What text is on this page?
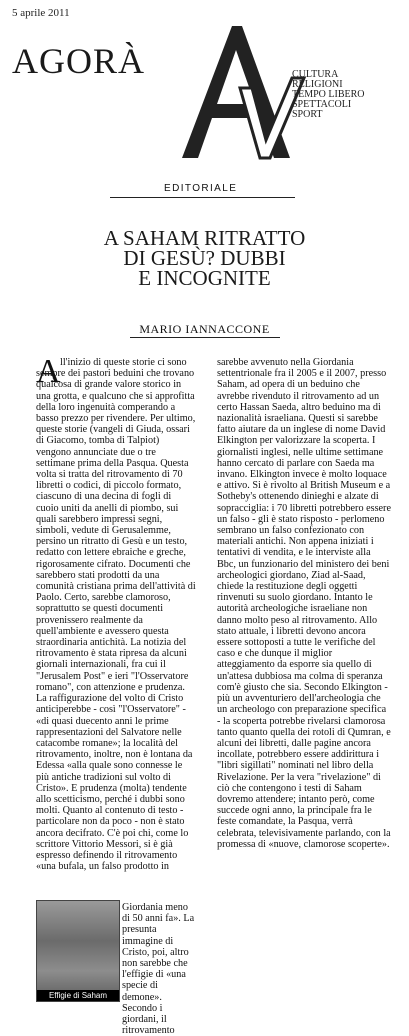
5 aprile 2011
AGORÀ	CULTURA
RELIGIONI
TEMPO LIBERO
SPETTACOLI
SPORT
EDITORIALE
A SAHAM RITRATTO
DI GESÙ? DUBBI
E INCOGNITE
MARIO IANNACCONE
A ll'inizio di queste storie ci sono sempre dei pastori beduini che trovano qualcosa di grande valore storico in una grotta, e qualcuno che si approfitta della loro ingenuità comperando a basso prezzo per rivendere. Per ultimo, queste storie (vangeli di Giuda, ossari di Giacomo, tomba di Talpiot) vengono annunciate due o tre settimane prima della Pasqua. Questa volta si tratta del ritrovamento di 70 libretti o codici, di piccolo formato, ciascuno di una decina di fogli di cuoio uniti da anelli di piombo, sui quali sarebbero impressi segni, simboli, vedute di Gerusalemme, persino un ritratto di Gesù e un testo, redatto con lettere ebraiche e greche, rigorosamente cifrato. Documenti che sarebbero stati prodotti da una comunità cristiana prima dell'attività di Paolo. Certo, sarebbe clamoroso, soprattutto se questi documenti provenissero realmente da quell'ambiente e avessero questa straordinaria antichità. La notizia del ritrovamento è stata ripresa da alcuni giornali internazionali, fra cui il "Jerusalem Post" e ieri "l'Osservatore romano", con attenzione e prudenza. La raffigurazione del volto di Cristo anticiperebbe - così "l'Osservatore" - «di quasi duecento anni le prime rappresentazioni del Salvatore nelle catacombe romane»; la località del ritrovamento, inoltre, non è lontana da Edessa «alla quale sono connesse le più antiche tradizioni sul volto di Cristo». E prudenza (molta) tendente allo scetticismo, perché i dubbi sono molti. Quanto al contenuto di testo - particolare non da poco - non è stato ancora decifrato. C'è poi chi, come lo scrittore Vittorio Messori, si è già espresso definendo il ritrovamento «una bufala, un falso prodotto in

Effigie di Saham

Giordania meno di 50 anni fa». La presunta immagine di Cristo, poi, altro non sarebbe che l'effigie di «una specie di demone». Secondo i giordani, il ritrovamento

sarebbe avvenuto nella Giordania settentrionale fra il 2005 e il 2007, presso Saham, ad opera di un beduino che avrebbe rivenduto il ritrovamento ad un certo Hassan Saeda, altro beduino ma di nazionalità israeliana. Questi si sarebbe fatto aiutare da un inglese di nome David Elkington per valorizzare la scoperta. I giornalisti inglesi, nelle ultime settimane hanno cercato di parlare con Saeda ma invano. Elkington invece è molto loquace e attivo. Si è rivolto al British Museum e a Sotheby's ottenendo dinieghi e alzate di sopracciglia: i 70 libretti potrebbero essere un falso - gli è stato risposto - perlomeno sembrano un falso confezionato con materiali antichi. Non appena iniziati i tentativi di vendita, e le interviste alla Bbc, un funzionario del ministero dei beni archeologici giordano, Ziad al-Saad, chiede la restituzione degli oggetti rinvenuti su suolo giordano. Intanto le autorità archeologiche israeliane non danno molto peso al ritrovamento. Allo stato attuale, i libretti devono ancora essere sottoposti a tutte le verifiche del caso e che dunque il miglior atteggiamento da esporre sia quello di un'attesa dubbiosa ma colma di speranza com'è giusto che sia. Secondo Elkington - più un avventuriero dell'archeologia che un archeologo con preparazione specifica - la scoperta potrebbe rivelarsi clamorosa tanto quanto quella dei rotoli di Qumran, e alcuni dei libretti, dalle pagine ancora incollate, potrebbero essere addirittura i "libri sigillati" nominati nel libro della Rivelazione. Per la vera "rivelazione" di ciò che contengono i testi di Saham dovremo attendere; intanto però, come succede ogni anno, la principale fra le feste comandate, la Pasqua, verrà celebrata, televisivamente parlando, con la promessa di «nuove, clamorose scoperte».
